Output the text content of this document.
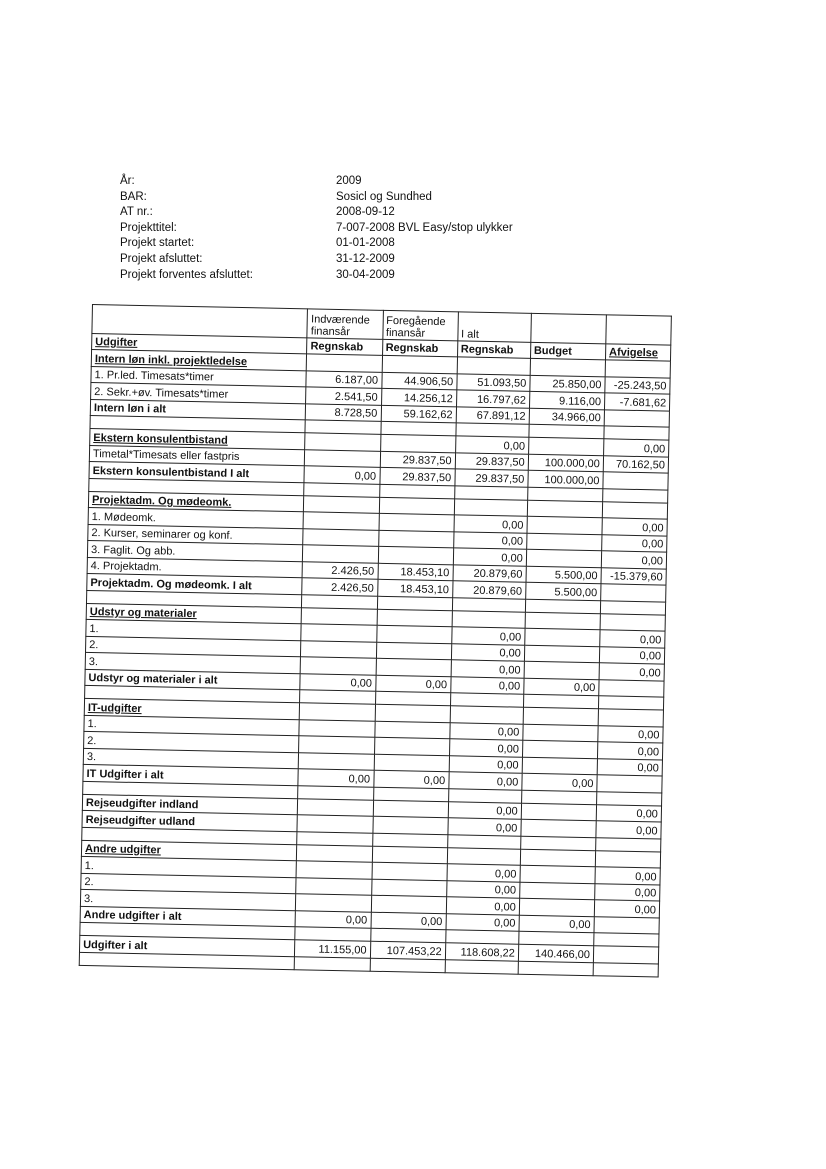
År:	2009
BAR:	Sosicl og Sundhed
AT nr.:	2008-09-12
Projekttitel:	7-007-2008 BVL Easy/stop ulykker
Projekt startet:	01-01-2008
Projekt afsluttet:	31-12-2009
Projekt forventes afsluttet:	30-04-2009
	Indværende finansår	Foregående finansår	I alt		
Udgifter	Regnskab	Regnskab	Regnskab	Budget	Afvigelse
Intern løn inkl. projektledelse					
1. Pr.led. Timesats*timer	6.187,00	44.906,50	51.093,50	25.850,00	-25.243,50
2. Sekr.+øv. Timesats*timer	2.541,50	14.256,12	16.797,62	9.116,00	-7.681,62
Intern løn i alt	8.728,50	59.162,62	67.891,12	34.966,00	

Ekstern konsulentbistand			0,00		0,00
Timetal*Timesats eller fastpris		29.837,50	29.837,50	100.000,00	70.162,50
Ekstern konsulentbistand I alt	0,00	29.837,50	29.837,50	100.000,00	

Projektadm. Og mødeomk.					
1. Mødeomk.			0,00		0,00
2. Kurser, seminarer og konf.			0,00		0,00
3. Faglit. Og abb.			0,00		0,00
4. Projektadm.	2.426,50	18.453,10	20.879,60	5.500,00	-15.379,60
Projektadm. Og mødeomk. I alt	2.426,50	18.453,10	20.879,60	5.500,00	

Udstyr og materialer					
1.			0,00		0,00
2.			0,00		0,00
3.			0,00		0,00
Udstyr og materialer i alt	0,00	0,00	0,00	0,00	

IT-udgifter					
1.			0,00		0,00
2.			0,00		0,00
3.			0,00		0,00
IT Udgifter i alt	0,00	0,00	0,00	0,00	

Rejseudgifter indland			0,00		0,00
Rejseudgifter udland			0,00		0,00

Andre udgifter					
1.			0,00		0,00
2.			0,00		0,00
3.			0,00		0,00
Andre udgifter i alt	0,00	0,00	0,00	0,00	

Udgifter i alt	11.155,00	107.453,22	118.608,22	140.466,00	
